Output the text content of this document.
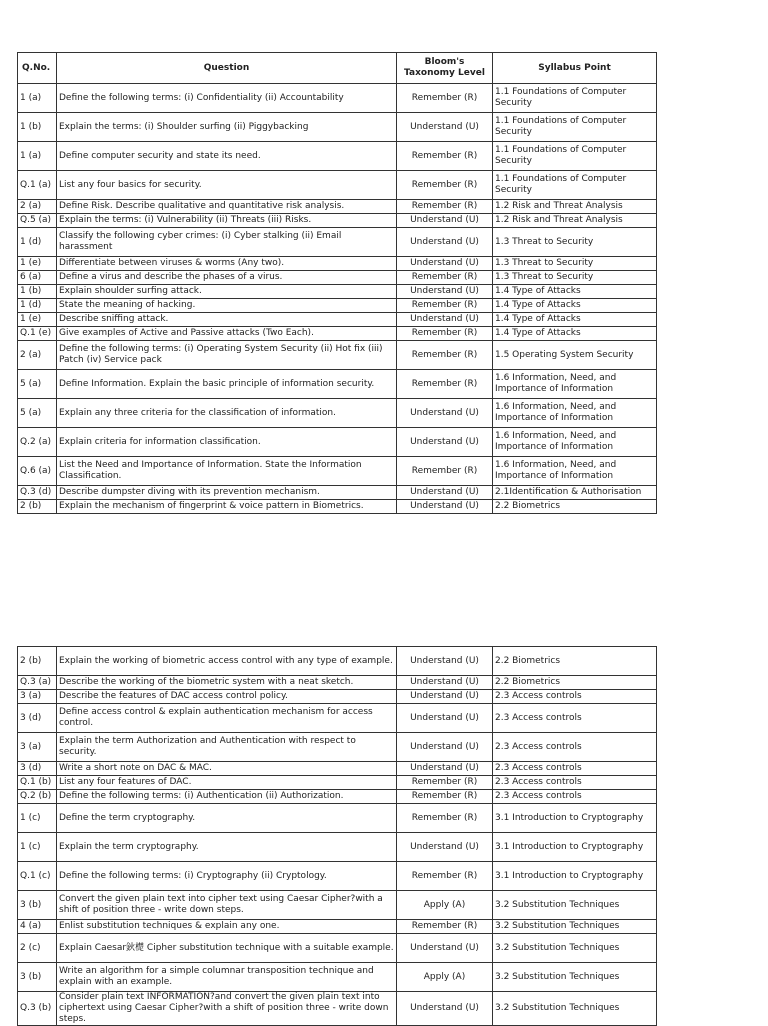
Q.No.	Question	Bloom's Taxonomy Level	Syllabus Point
1 (a)	Define the following terms: (i) Confidentiality (ii) Accountability	Remember (R)	1.1 Foundations of Computer Security
1 (b)	Explain the terms: (i) Shoulder surfing (ii) Piggybacking	Understand (U)	1.1 Foundations of Computer Security
1 (a)	Define computer security and state its need.	Remember (R)	1.1 Foundations of Computer Security
Q.1 (a)	List any four basics for security.	Remember (R)	1.1 Foundations of Computer Security
2 (a)	Define Risk. Describe qualitative and quantitative risk analysis.	Remember (R)	1.2 Risk and Threat Analysis
Q.5 (a)	Explain the terms: (i) Vulnerability (ii) Threats (iii) Risks.	Understand (U)	1.2 Risk and Threat Analysis
1 (d)	Classify the following cyber crimes: (i) Cyber stalking (ii) Email harassment	Understand (U)	1.3 Threat to Security
1 (e)	Differentiate between viruses & worms (Any two).	Understand (U)	1.3 Threat to Security
6 (a)	Define a virus and describe the phases of a virus.	Remember (R)	1.3 Threat to Security
1 (b)	Explain shoulder surfing attack.	Understand (U)	1.4 Type of Attacks
1 (d)	State the meaning of hacking.	Remember (R)	1.4 Type of Attacks
1 (e)	Describe sniffing attack.	Understand (U)	1.4 Type of Attacks
Q.1 (e)	Give examples of Active and Passive attacks (Two Each).	Remember (R)	1.4 Type of Attacks
2 (a)	Define the following terms: (i) Operating System Security (ii) Hot fix (iii) Patch (iv) Service pack	Remember (R)	1.5 Operating System Security
5 (a)	Define Information. Explain the basic principle of information security.	Remember (R)	1.6 Information, Need, and Importance of Information
5 (a)	Explain any three criteria for the classification of information.	Understand (U)	1.6 Information, Need, and Importance of Information
Q.2 (a)	Explain criteria for information classification.	Understand (U)	1.6 Information, Need, and Importance of Information
Q.6 (a)	List the Need and Importance of Information. State the Information Classification.	Remember (R)	1.6 Information, Need, and Importance of Information
Q.3 (d)	Describe dumpster diving with its prevention mechanism.	Understand (U)	2.1Identification & Authorisation
2 (b)	Explain the mechanism of fingerprint & voice pattern in Biometrics.	Understand (U)	2.2 Biometrics
2 (b)	Explain the working of biometric access control with any type of example.	Understand (U)	2.2 Biometrics
Q.3 (a)	Describe the working of the biometric system with a neat sketch.	Understand (U)	2.2 Biometrics
3 (a)	Describe the features of DAC access control policy.	Understand (U)	2.3 Access controls
3 (d)	Define access control & explain authentication mechanism for access control.	Understand (U)	2.3 Access controls
3 (a)	Explain the term Authorization and Authentication with respect to security.	Understand (U)	2.3 Access controls
3 (d)	Write a short note on DAC & MAC.	Understand (U)	2.3 Access controls
Q.1 (b)	List any four features of DAC.	Remember (R)	2.3 Access controls
Q.2 (b)	Define the following terms: (i) Authentication (ii) Authorization.	Remember (R)	2.3 Access controls
1 (c)	Define the term cryptography.	Remember (R)	3.1 Introduction to Cryptography
1 (c)	Explain the term cryptography.	Understand (U)	3.1 Introduction to Cryptography
Q.1 (c)	Define the following terms: (i) Cryptography (ii) Cryptology.	Remember (R)	3.1 Introduction to Cryptography
3 (b)	Convert the given plain text into cipher text using Caesar Cipher?with a shift of position three - write down steps.	Apply (A)	3.2 Substitution Techniques
4 (a)	Enlist substitution techniques & explain any one.	Remember (R)	3.2 Substitution Techniques
2 (c)	Explain Caesar鈥檚 Cipher substitution technique with a suitable example.	Understand (U)	3.2 Substitution Techniques
3 (b)	Write an algorithm for a simple columnar transposition technique and explain with an example.	Apply (A)	3.2 Substitution Techniques
Q.3 (b)	Consider plain text INFORMATION?and convert the given plain text into ciphertext using Caesar Cipher?with a shift of position three - write down steps.	Understand (U)	3.2 Substitution Techniques
